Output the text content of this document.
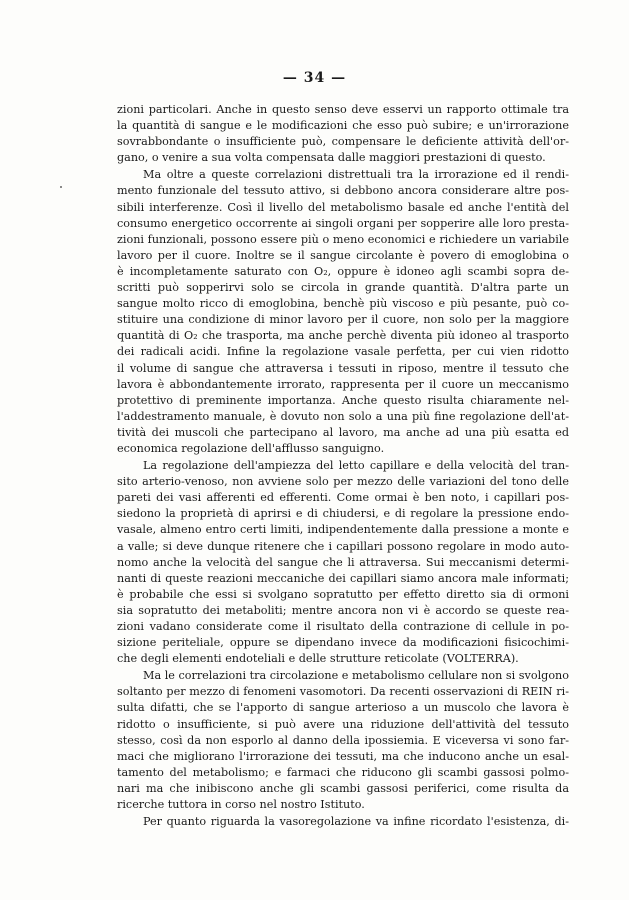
— 34 —
zioni particolari. Anche in questo senso deve esservi un rapporto ottimale tra
la quantità di sangue e le modificazioni che esso può subire; e un'irrorazione
sovrabbondante o insufficiente può, compensare le deficiente attività dell'or-
gano, o venire a sua volta compensata dalle maggiori prestazioni di questo.
Ma oltre a queste correlazioni distrettuali tra la irrorazione ed il rendi-
mento funzionale del tessuto attivo, si debbono ancora considerare altre pos-
sibili interferenze. Così il livello del metabolismo basale ed anche l'entità del
consumo energetico occorrente ai singoli organi per sopperire alle loro presta-
zioni funzionali, possono essere più o meno economici e richiedere un variabile
lavoro per il cuore. Inoltre se il sangue circolante è povero di emoglobina o
è incompletamente saturato con O₂, oppure è idoneo agli scambi sopra de-
scritti può sopperirvi solo se circola in grande quantità. D'altra parte un
sangue molto ricco di emoglobina, benchè più viscoso e più pesante, può co-
stituire una condizione di minor lavoro per il cuore, non solo per la maggiore
quantità di O₂ che trasporta, ma anche perchè diventa più idoneo al trasporto
dei radicali acidi. Infine la regolazione vasale perfetta, per cui vien ridotto
il volume di sangue che attraversa i tessuti in riposo, mentre il tessuto che
lavora è abbondantemente irrorato, rappresenta per il cuore un meccanismo
protettivo di preminente importanza. Anche questo risulta chiaramente nel-
l'addestramento manuale, è dovuto non solo a una più fine regolazione dell'at-
tività dei muscoli che partecipano al lavoro, ma anche ad una più esatta ed
economica regolazione dell'afflusso sanguigno.
La regolazione dell'ampiezza del letto capillare e della velocità del tran-
sito arterio-venoso, non avviene solo per mezzo delle variazioni del tono delle
pareti dei vasi afferenti ed efferenti. Come ormai è ben noto, i capillari pos-
siedono la proprietà di aprirsi e di chiudersi, e di regolare la pressione endo-
vasale, almeno entro certi limiti, indipendentemente dalla pressione a monte e
a valle; si deve dunque ritenere che i capillari possono regolare in modo auto-
nomo anche la velocità del sangue che li attraversa. Sui meccanismi determi-
nanti di queste reazioni meccaniche dei capillari siamo ancora male informati;
è probabile che essi si svolgano sopratutto per effetto diretto sia di ormoni
sia sopratutto dei metaboliti; mentre ancora non vi è accordo se queste rea-
zioni vadano considerate come il risultato della contrazione di cellule in po-
sizione periteliale, oppure se dipendano invece da modificazioni fisicochimi-
che degli elementi endoteliali e delle strutture reticolate (VOLTERRA).
Ma le correlazioni tra circolazione e metabolismo cellulare non si svolgono
soltanto per mezzo di fenomeni vasomotori. Da recenti osservazioni di REIN ri-
sulta difatti, che se l'apporto di sangue arterioso a un muscolo che lavora è
ridotto o insufficiente, si può avere una riduzione dell'attività del tessuto
stesso, così da non esporlo al danno della ipossiemia. E viceversa vi sono far-
maci che migliorano l'irrorazione dei tessuti, ma che inducono anche un esal-
tamento del metabolismo; e farmaci che riducono gli scambi gassosi polmo-
nari ma che inibiscono anche gli scambi gassosi periferici, come risulta da
ricerche tuttora in corso nel nostro Istituto.
Per quanto riguarda la vasoregolazione va infine ricordato l'esistenza, di-
